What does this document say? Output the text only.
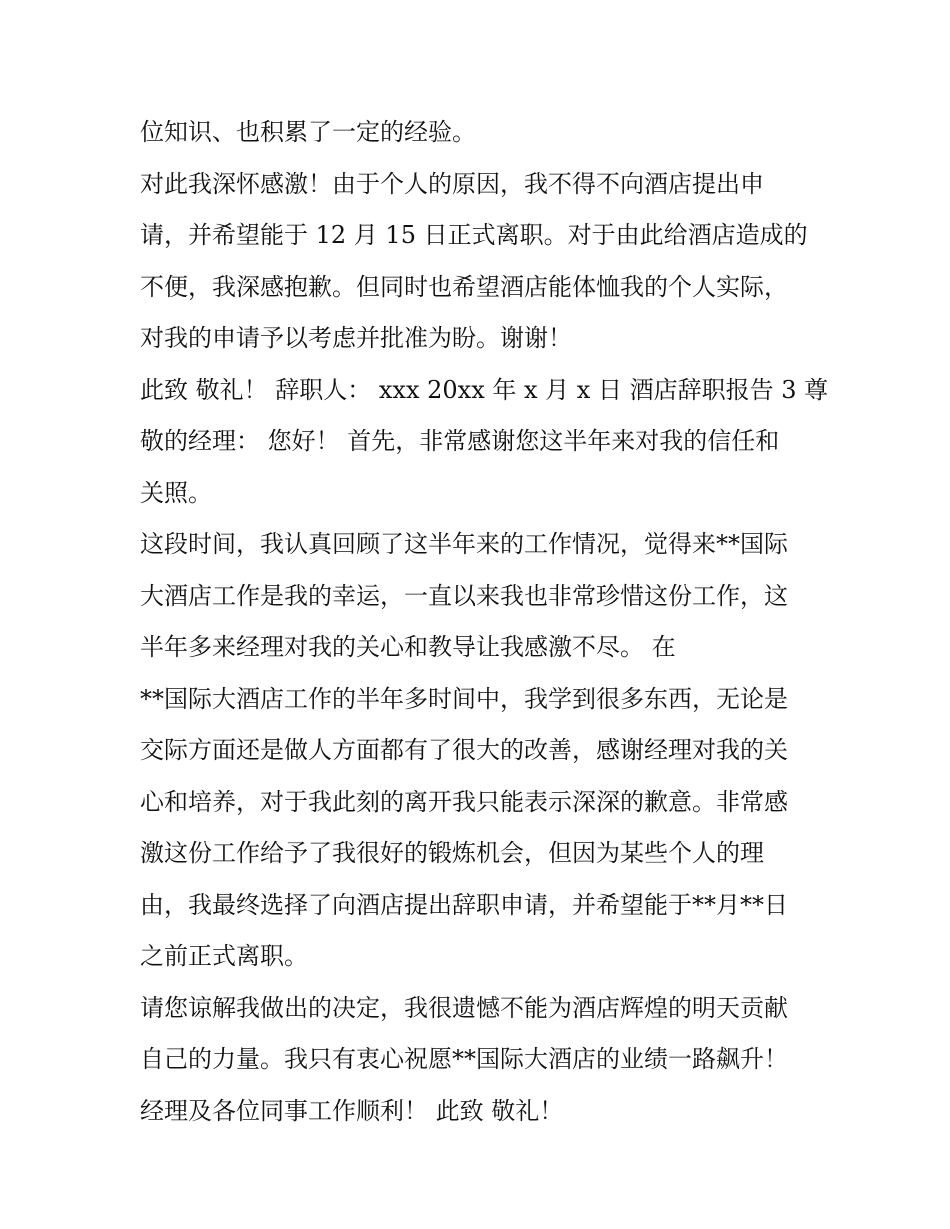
位知识、也积累了一定的经验。
对此我深怀感激！由于个人的原因，我不得不向酒店提出申
请，并希望能于 12 月 15 日正式离职。对于由此给酒店造成的
不便，我深感抱歉。但同时也希望酒店能体恤我的个人实际，
对我的申请予以考虑并批准为盼。谢谢！
此致 敬礼！ 辞职人： xxx 20xx 年 x 月 x 日 酒店辞职报告 3 尊
敬的经理： 您好！ 首先，非常感谢您这半年来对我的信任和
关照。
这段时间，我认真回顾了这半年来的工作情况，觉得来**国际
大酒店工作是我的幸运，一直以来我也非常珍惜这份工作，这
半年多来经理对我的关心和教导让我感激不尽。 在
**国际大酒店工作的半年多时间中，我学到很多东西，无论是
交际方面还是做人方面都有了很大的改善，感谢经理对我的关
心和培养，对于我此刻的离开我只能表示深深的歉意。非常感
激这份工作给予了我很好的锻炼机会，但因为某些个人的理
由，我最终选择了向酒店提出辞职申请，并希望能于**月**日
之前正式离职。
请您谅解我做出的决定，我很遗憾不能为酒店辉煌的明天贡献
自己的力量。我只有衷心祝愿**国际大酒店的业绩一路飙升！
经理及各位同事工作顺利！ 此致 敬礼！
